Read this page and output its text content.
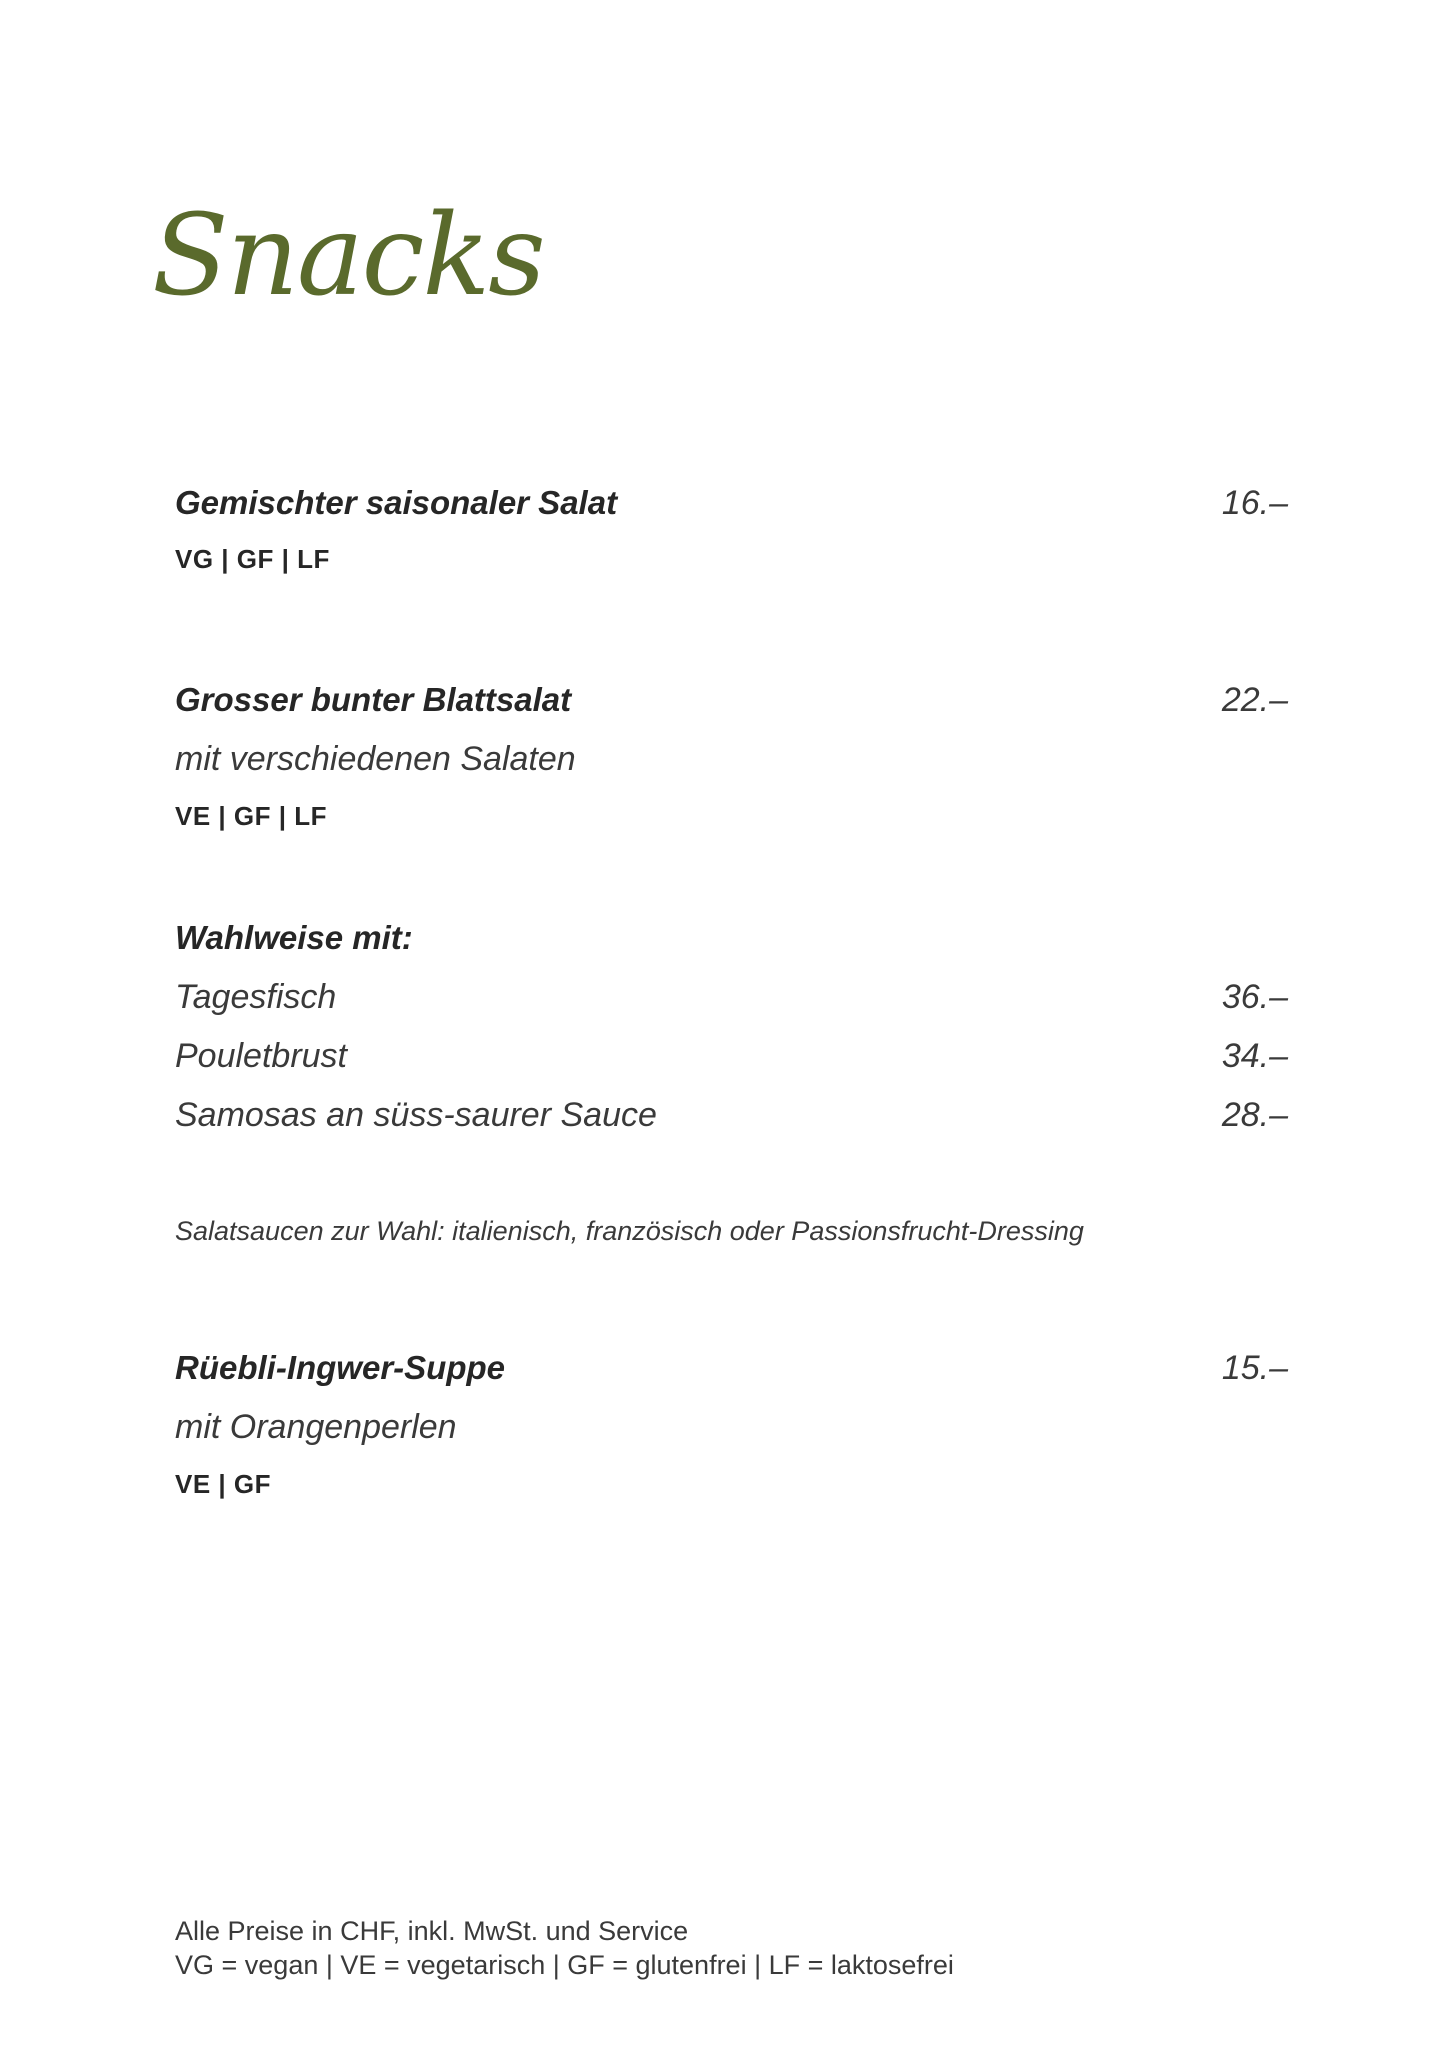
Snacks
Gemischter saisonaler Salat	16.–
VG | GF | LF
Grosser bunter Blattsalat	22.–
mit verschiedenen Salaten
VE | GF | LF
Wahlweise mit:
Tagesfisch	36.–
Pouletbrust	34.–
Samosas an süss-saurer Sauce	28.–
Salatsaucen zur Wahl: italienisch, französisch oder Passionsfrucht-Dressing
Rüebli-Ingwer-Suppe	15.–
mit Orangenperlen
VE | GF
Alle Preise in CHF, inkl. MwSt. und Service
VG = vegan | VE = vegetarisch | GF = glutenfrei | LF = laktosefrei
